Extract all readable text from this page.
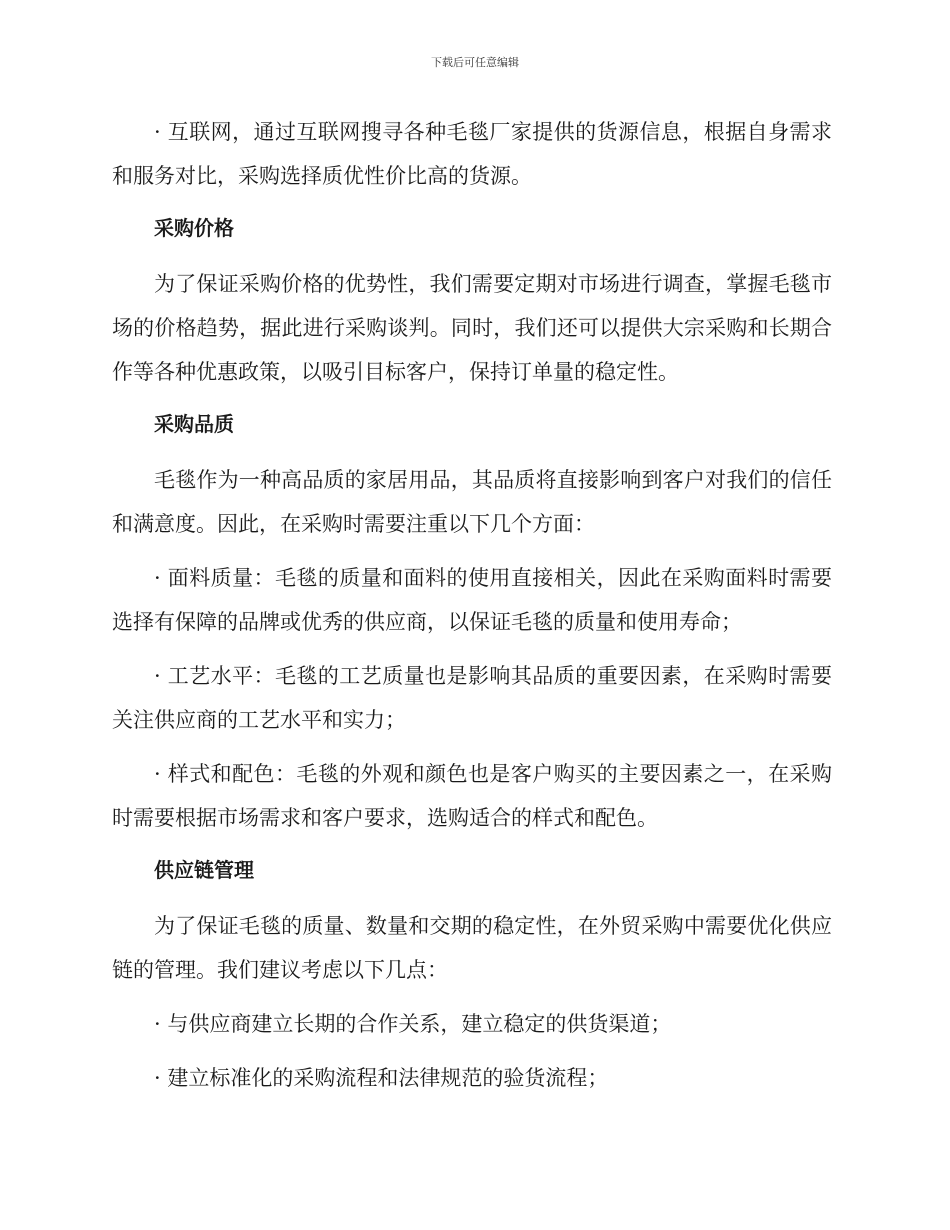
下载后可任意编辑

· 互联网，通过互联网搜寻各种毛毯厂家提供的货源信息，根据自身需求和服务对比，采购选择质优性价比高的货源。

采购价格

为了保证采购价格的优势性，我们需要定期对市场进行调查，掌握毛毯市场的价格趋势，据此进行采购谈判。同时，我们还可以提供大宗采购和长期合作等各种优惠政策，以吸引目标客户，保持订单量的稳定性。

采购品质

毛毯作为一种高品质的家居用品，其品质将直接影响到客户对我们的信任和满意度。因此，在采购时需要注重以下几个方面：

· 面料质量：毛毯的质量和面料的使用直接相关，因此在采购面料时需要选择有保障的品牌或优秀的供应商，以保证毛毯的质量和使用寿命；

· 工艺水平：毛毯的工艺质量也是影响其品质的重要因素，在采购时需要关注供应商的工艺水平和实力；

· 样式和配色：毛毯的外观和颜色也是客户购买的主要因素之一，在采购时需要根据市场需求和客户要求，选购适合的样式和配色。

供应链管理

为了保证毛毯的质量、数量和交期的稳定性，在外贸采购中需要优化供应链的管理。我们建议考虑以下几点：

· 与供应商建立长期的合作关系，建立稳定的供货渠道；

· 建立标准化的采购流程和法律规范的验货流程；
